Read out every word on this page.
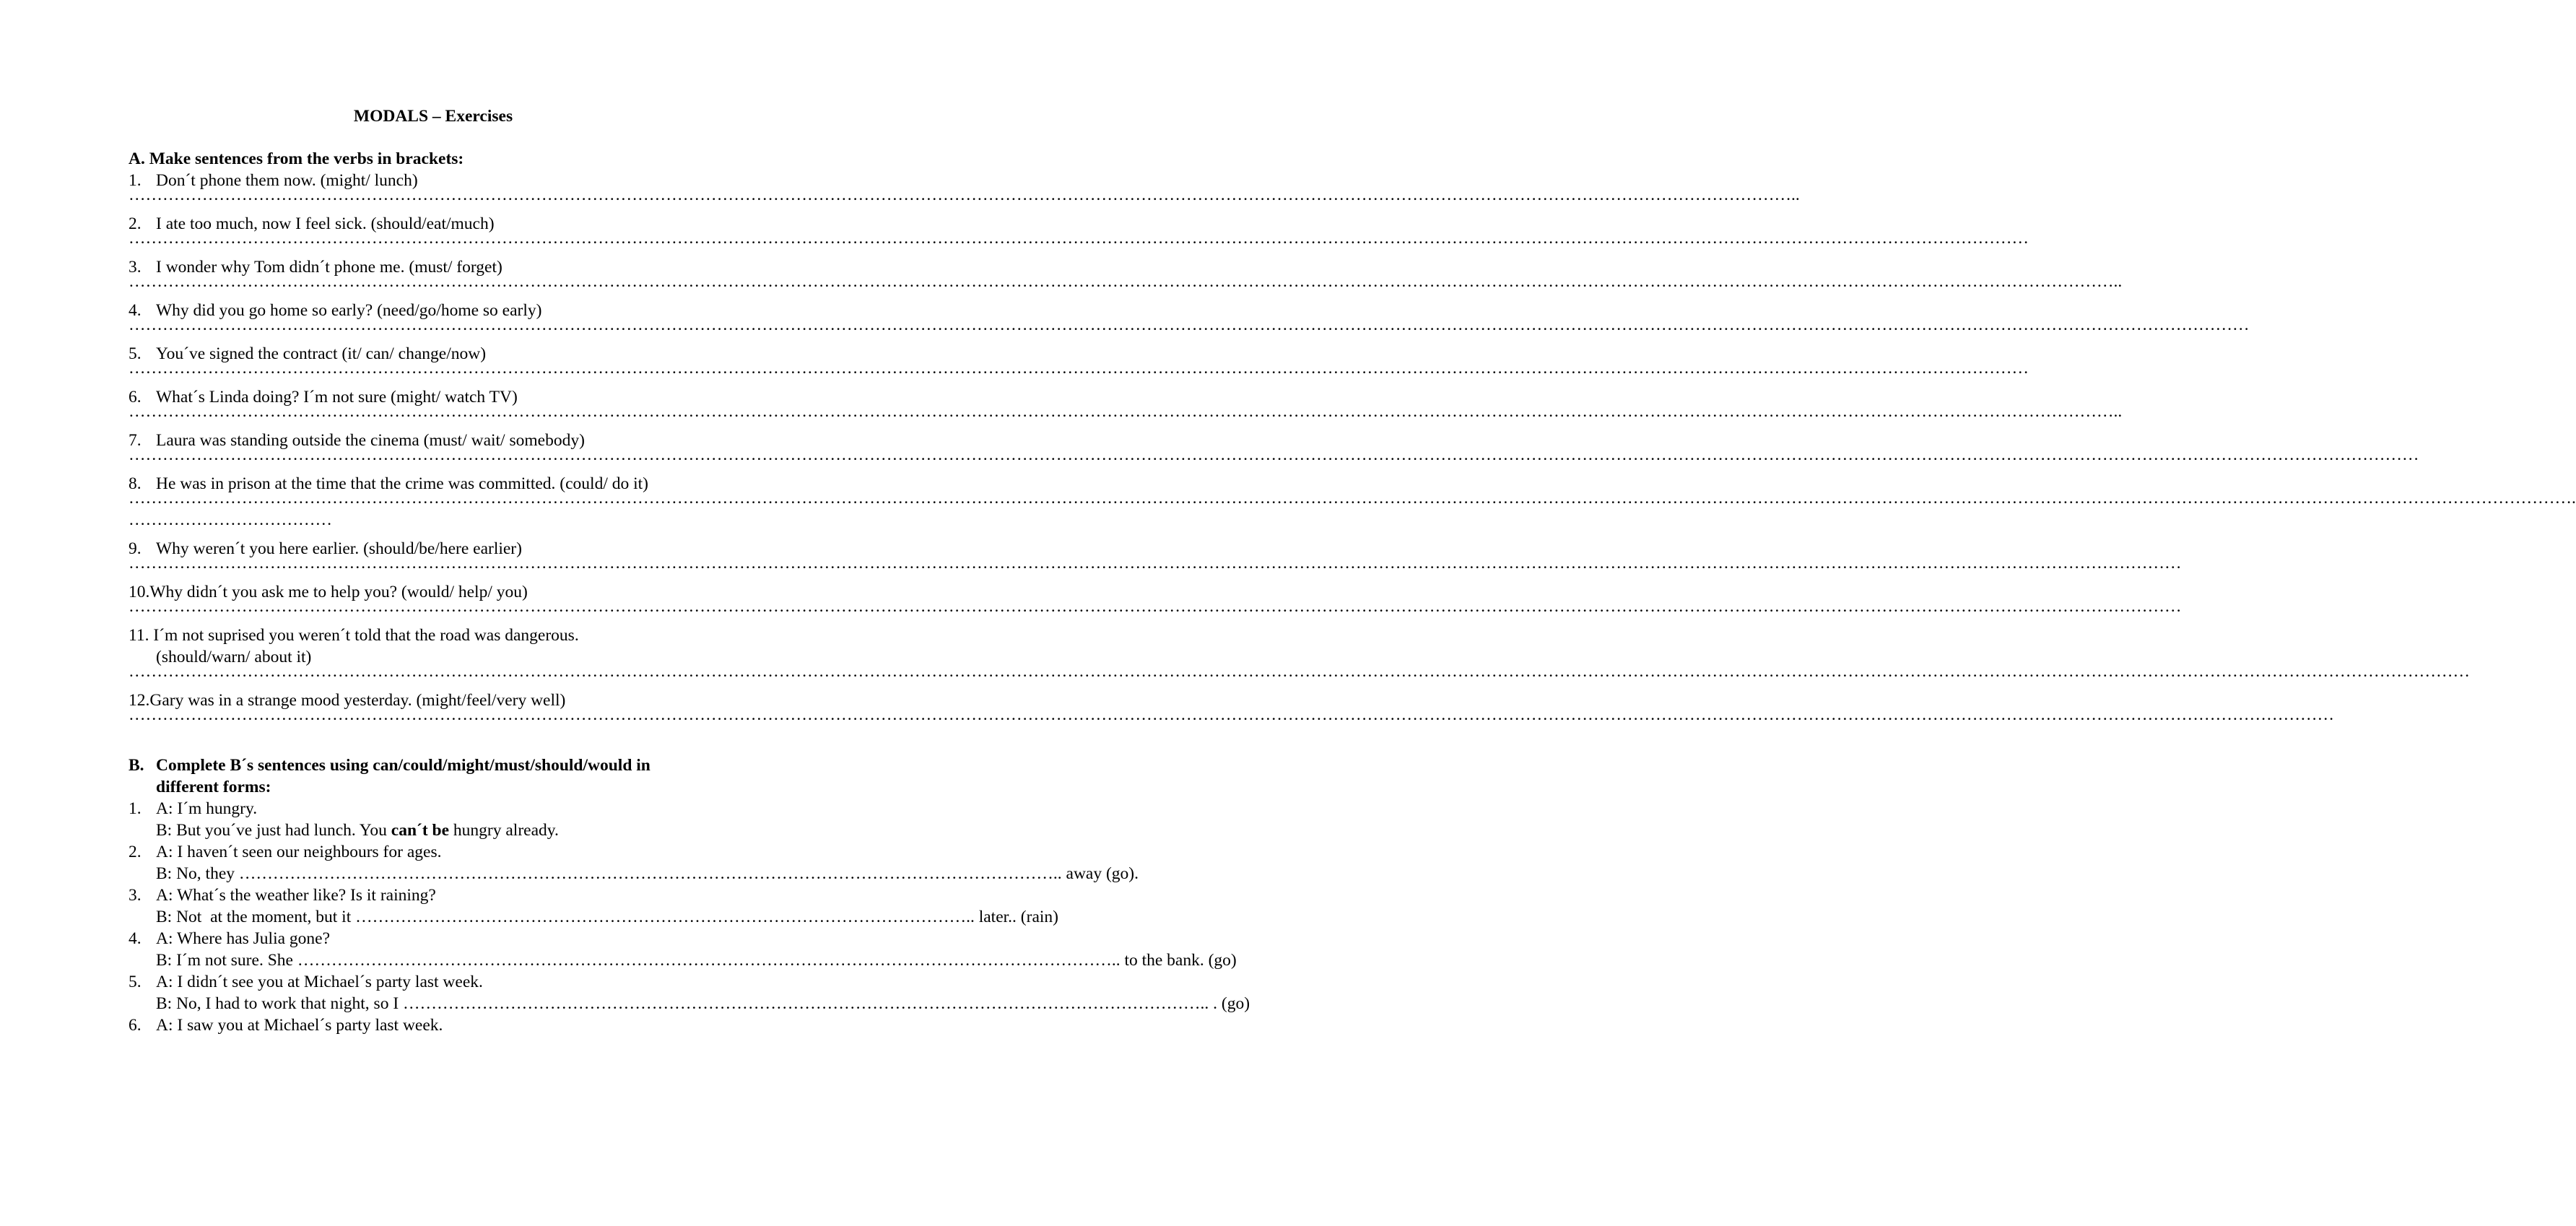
MODALS – Exercises
A. Make sentences from the verbs in brackets:
1. Don´t phone them now. (might/ lunch)
……………………………………………………………………………………………………………………………………………………………………………………………………………………………………………………………………..
2. I ate too much, now I feel sick. (should/eat/much)
…………………………………………………………………………………………………………………………………………………………………………………………………………………………………………………………………………………………………………
3. I wonder why Tom didn´t phone me. (must/ forget)
………………………………………………………………………………………………………………………………………………………………………………………………………………………………………………………………………………………………………………………..
4. Why did you go home so early? (need/go/home so early)
……………………………………………………………………………………………………………………………………………………………………………………………………………………………………………………………………………………………………………………………………………
5. You´ve signed the contract (it/ can/ change/now)
…………………………………………………………………………………………………………………………………………………………………………………………………………………………………………………………………………………………………………
6. What´s Linda doing? I´m not sure (might/ watch TV)
………………………………………………………………………………………………………………………………………………………………………………………………………………………………………………………………………………………………………………………..
7. Laura was standing outside the cinema (must/ wait/ somebody)
………………………………………………………………………………………………………………………………………………………………………………………………………………………………………………………………………………………………………………………………………………………………………
8. He was in prison at the time that the crime was committed. (could/ do it)
……………………………………………………………………………………………………………………………………………………………………………………………………………………………………………………………………………………………………………………………………………………………………………………………….
………………………………
9. Why weren´t you here earlier. (should/be/here earlier)
…………………………………………………………………………………………………………………………………………………………………………………………………………………………………………………………………………………………………………………………………
10.Why didn´t you ask me to help you? (would/ help/ you)
…………………………………………………………………………………………………………………………………………………………………………………………………………………………………………………………………………………………………………………………………
11. I´m not suprised you weren´t told that the road was dangerous.
(should/warn/ about it)
………………………………………………………………………………………………………………………………………………………………………………………………………………………………………………………………………………………………………………………………………………………………………………
12.Gary was in a strange mood yesterday. (might/feel/very well)
…………………………………………………………………………………………………………………………………………………………………………………………………………………………………………………………………………………………………………………………………………………………
B. Complete B´s sentences using can/could/might/must/should/would in
different forms:
1. A: I´m hungry.
B: But you´ve just had lunch. You can´t be hungry already.
2. A: I haven´t seen our neighbours for ages.
B: No, they ……………………………………………………………………………………………………………………………….. away (go).
3. A: What´s the weather like? Is it raining?
B: Not  at the moment, but it ……………………………………………………………………………………………….. later.. (rain)
4. A: Where has Julia gone?
B: I´m not sure. She ……………………………………………………………………………………………………………………………….. to the bank. (go)
5. A: I didn´t see you at Michael´s party last week.
B: No, I had to work that night, so I …………………………………………………………………………………………………………………………….. . (go)
6. A: I saw you at Michael´s party last week.
